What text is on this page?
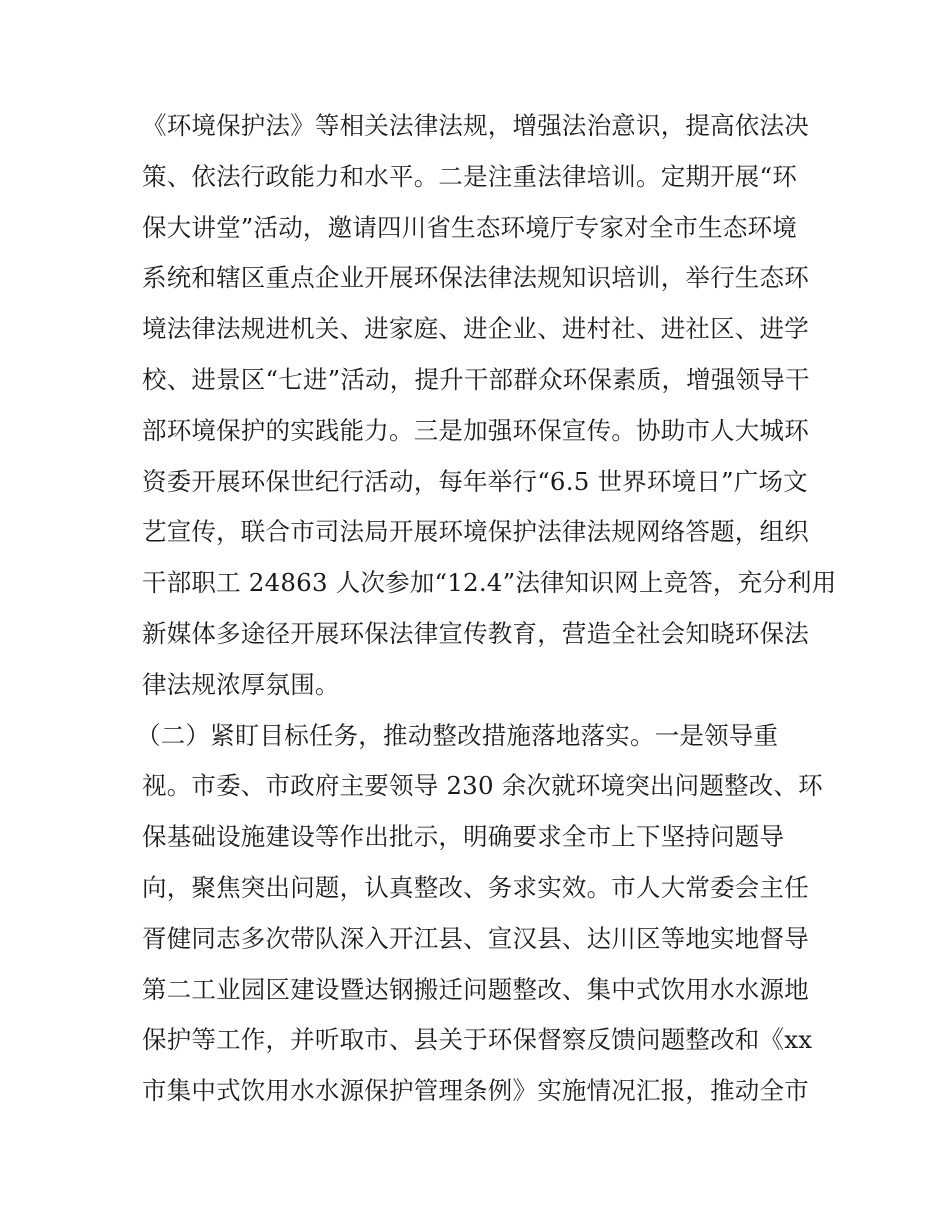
《环境保护法》等相关法律法规，增强法治意识，提高依法决
策、依法行政能力和水平。二是注重法律培训。定期开展“环
保大讲堂”活动，邀请四川省生态环境厅专家对全市生态环境
系统和辖区重点企业开展环保法律法规知识培训，举行生态环
境法律法规进机关、进家庭、进企业、进村社、进社区、进学
校、进景区“七进”活动，提升干部群众环保素质，增强领导干
部环境保护的实践能力。三是加强环保宣传。协助市人大城环
资委开展环保世纪行活动，每年举行“6.5 世界环境日”广场文
艺宣传，联合市司法局开展环境保护法律法规网络答题，组织
干部职工 24863 人次参加“12.4”法律知识网上竞答，充分利用
新媒体多途径开展环保法律宣传教育，营造全社会知晓环保法
律法规浓厚氛围。
（二）紧盯目标任务，推动整改措施落地落实。一是领导重
视。市委、市政府主要领导 230 余次就环境突出问题整改、环
保基础设施建设等作出批示，明确要求全市上下坚持问题导
向，聚焦突出问题，认真整改、务求实效。市人大常委会主任
胥健同志多次带队深入开江县、宣汉县、达川区等地实地督导
第二工业园区建设暨达钢搬迁问题整改、集中式饮用水水源地
保护等工作，并听取市、县关于环保督察反馈问题整改和《xx
市集中式饮用水水源保护管理条例》实施情况汇报，推动全市
